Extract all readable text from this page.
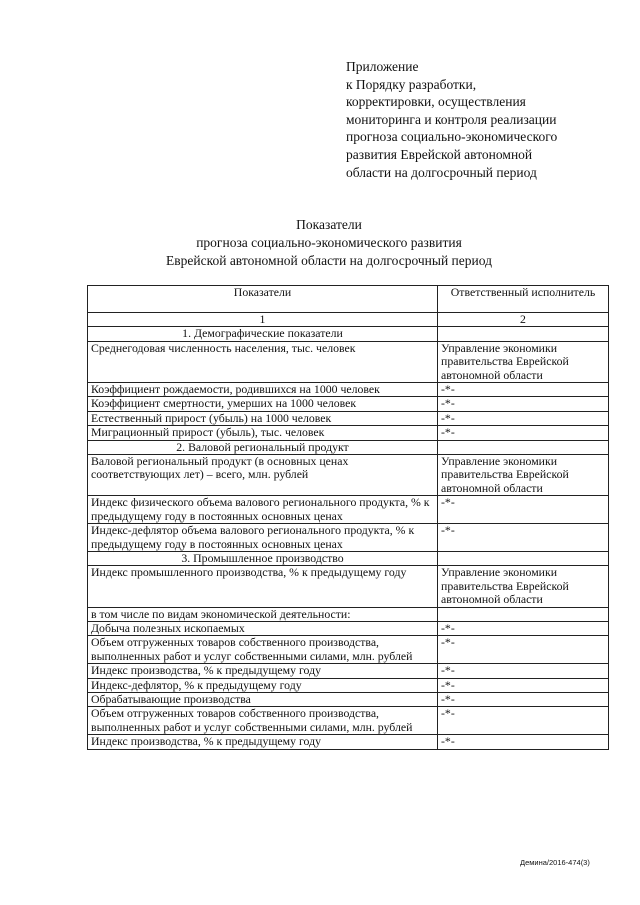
Приложение
к Порядку разработки,
корректировки, осуществления
мониторинга и контроля реализации
прогноза социально-экономического
развития Еврейской автономной
области на долгосрочный период
Показатели
прогноза социально-экономического развития
Еврейской автономной области на долгосрочный период
Показатели	Ответственный исполнитель
1	2
1. Демографические показатели	
Среднегодовая численность населения, тыс. человек	Управление экономики правительства Еврейской автономной области
Коэффициент рождаемости, родившихся на 1000 человек	-*-
Коэффициент смертности, умерших на 1000 человек	-*-
Естественный прирост (убыль) на 1000 человек	-*-
Миграционный прирост (убыль), тыс. человек	-*-
2. Валовой региональный продукт	
Валовой региональный продукт (в основных ценах соответствующих лет) – всего, млн. рублей	Управление экономики правительства Еврейской автономной области
Индекс физического объема валового регионального продукта, % к предыдущему году в постоянных основных ценах	-*-
Индекс-дефлятор объема валового регионального продукта, % к предыдущему году в постоянных основных ценах	-*-
3. Промышленное производство	
Индекс промышленного производства, % к предыдущему году	Управление экономики правительства Еврейской автономной области
в том числе по видам экономической деятельности:	
Добыча полезных ископаемых	-*-
Объем отгруженных товаров собственного производства, выполненных работ и услуг собственными силами, млн. рублей	-*-
Индекс производства, % к предыдущему году	-*-
Индекс-дефлятор, % к предыдущему году	-*-
Обрабатывающие производства	-*-
Объем отгруженных товаров собственного производства, выполненных работ и услуг собственными силами, млн. рублей	-*-
Индекс производства, % к предыдущему году	-*-
Демина/2016-474(3)
